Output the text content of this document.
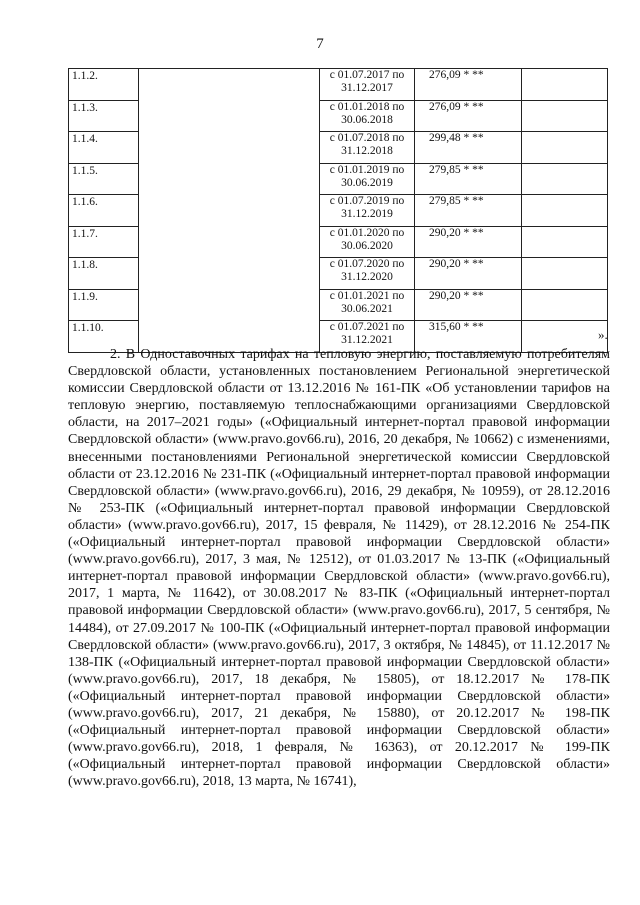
7
1.1.2.		с 01.07.2017 по
31.12.2017	276,09 * **	
1.1.3.		с 01.01.2018 по
30.06.2018	276,09 * **	
1.1.4.		с 01.07.2018 по
31.12.2018	299,48 * **	
1.1.5.		с 01.01.2019 по
30.06.2019	279,85 * **	
1.1.6.		с 01.07.2019 по
31.12.2019	279,85 * **	
1.1.7.		с 01.01.2020 по
30.06.2020	290,20 * **	
1.1.8.		с 01.07.2020 по
31.12.2020	290,20 * **	
1.1.9.		с 01.01.2021 по
30.06.2021	290,20 * **	
1.1.10.		с 01.07.2021 по
31.12.2021	315,60 * **		».

2. В Одноставочных тарифах на тепловую энергию, поставляемую потребителям Свердловской области, установленных постановлением Региональной энергетической комиссии Свердловской области от 13.12.2016 № 161-ПК «Об установлении тарифов на тепловую энергию, поставляемую теплоснабжающими организациями Свердловской области, на 2017–2021 годы» («Официальный интернет-портал правовой информации Свердловской области» (www.pravo.gov66.ru), 2016, 20 декабря, № 10662) с изменениями, внесенными постановлениями Региональной энергетической комиссии Свердловской области от 23.12.2016 № 231-ПК («Официальный интернет-портал правовой информации Свердловской области» (www.pravo.gov66.ru), 2016, 29 декабря, № 10959), от 28.12.2016 № 253-ПК («Официальный интернет-портал правовой информации Свердловской области» (www.pravo.gov66.ru), 2017, 15 февраля, № 11429), от 28.12.2016 № 254-ПК («Официальный интернет-портал правовой информации Свердловской области» (www.pravo.gov66.ru), 2017, 3 мая, № 12512), от 01.03.2017 № 13-ПК («Официальный интернет-портал правовой информации Свердловской области» (www.pravo.gov66.ru), 2017, 1 марта, № 11642), от 30.08.2017 № 83-ПК («Официальный интернет-портал правовой информации Свердловской области» (www.pravo.gov66.ru), 2017, 5 сентября, № 14484), от 27.09.2017 № 100-ПК («Официальный интернет-портал правовой информации Свердловской области» (www.pravo.gov66.ru), 2017, 3 октября, № 14845), от 11.12.2017 № 138-ПК («Официальный интернет-портал правовой информации Свердловской области» (www.pravo.gov66.ru), 2017, 18 декабря, № 15805), от 18.12.2017 № 178-ПК («Официальный интернет-портал правовой информации Свердловской области» (www.pravo.gov66.ru), 2017, 21 декабря, № 15880), от 20.12.2017 № 198-ПК («Официальный интернет-портал правовой информации Свердловской области» (www.pravo.gov66.ru), 2018, 1 февраля, № 16363), от 20.12.2017 № 199-ПК («Официальный интернет-портал правовой информации Свердловской области» (www.pravo.gov66.ru), 2018, 13 марта, № 16741),
